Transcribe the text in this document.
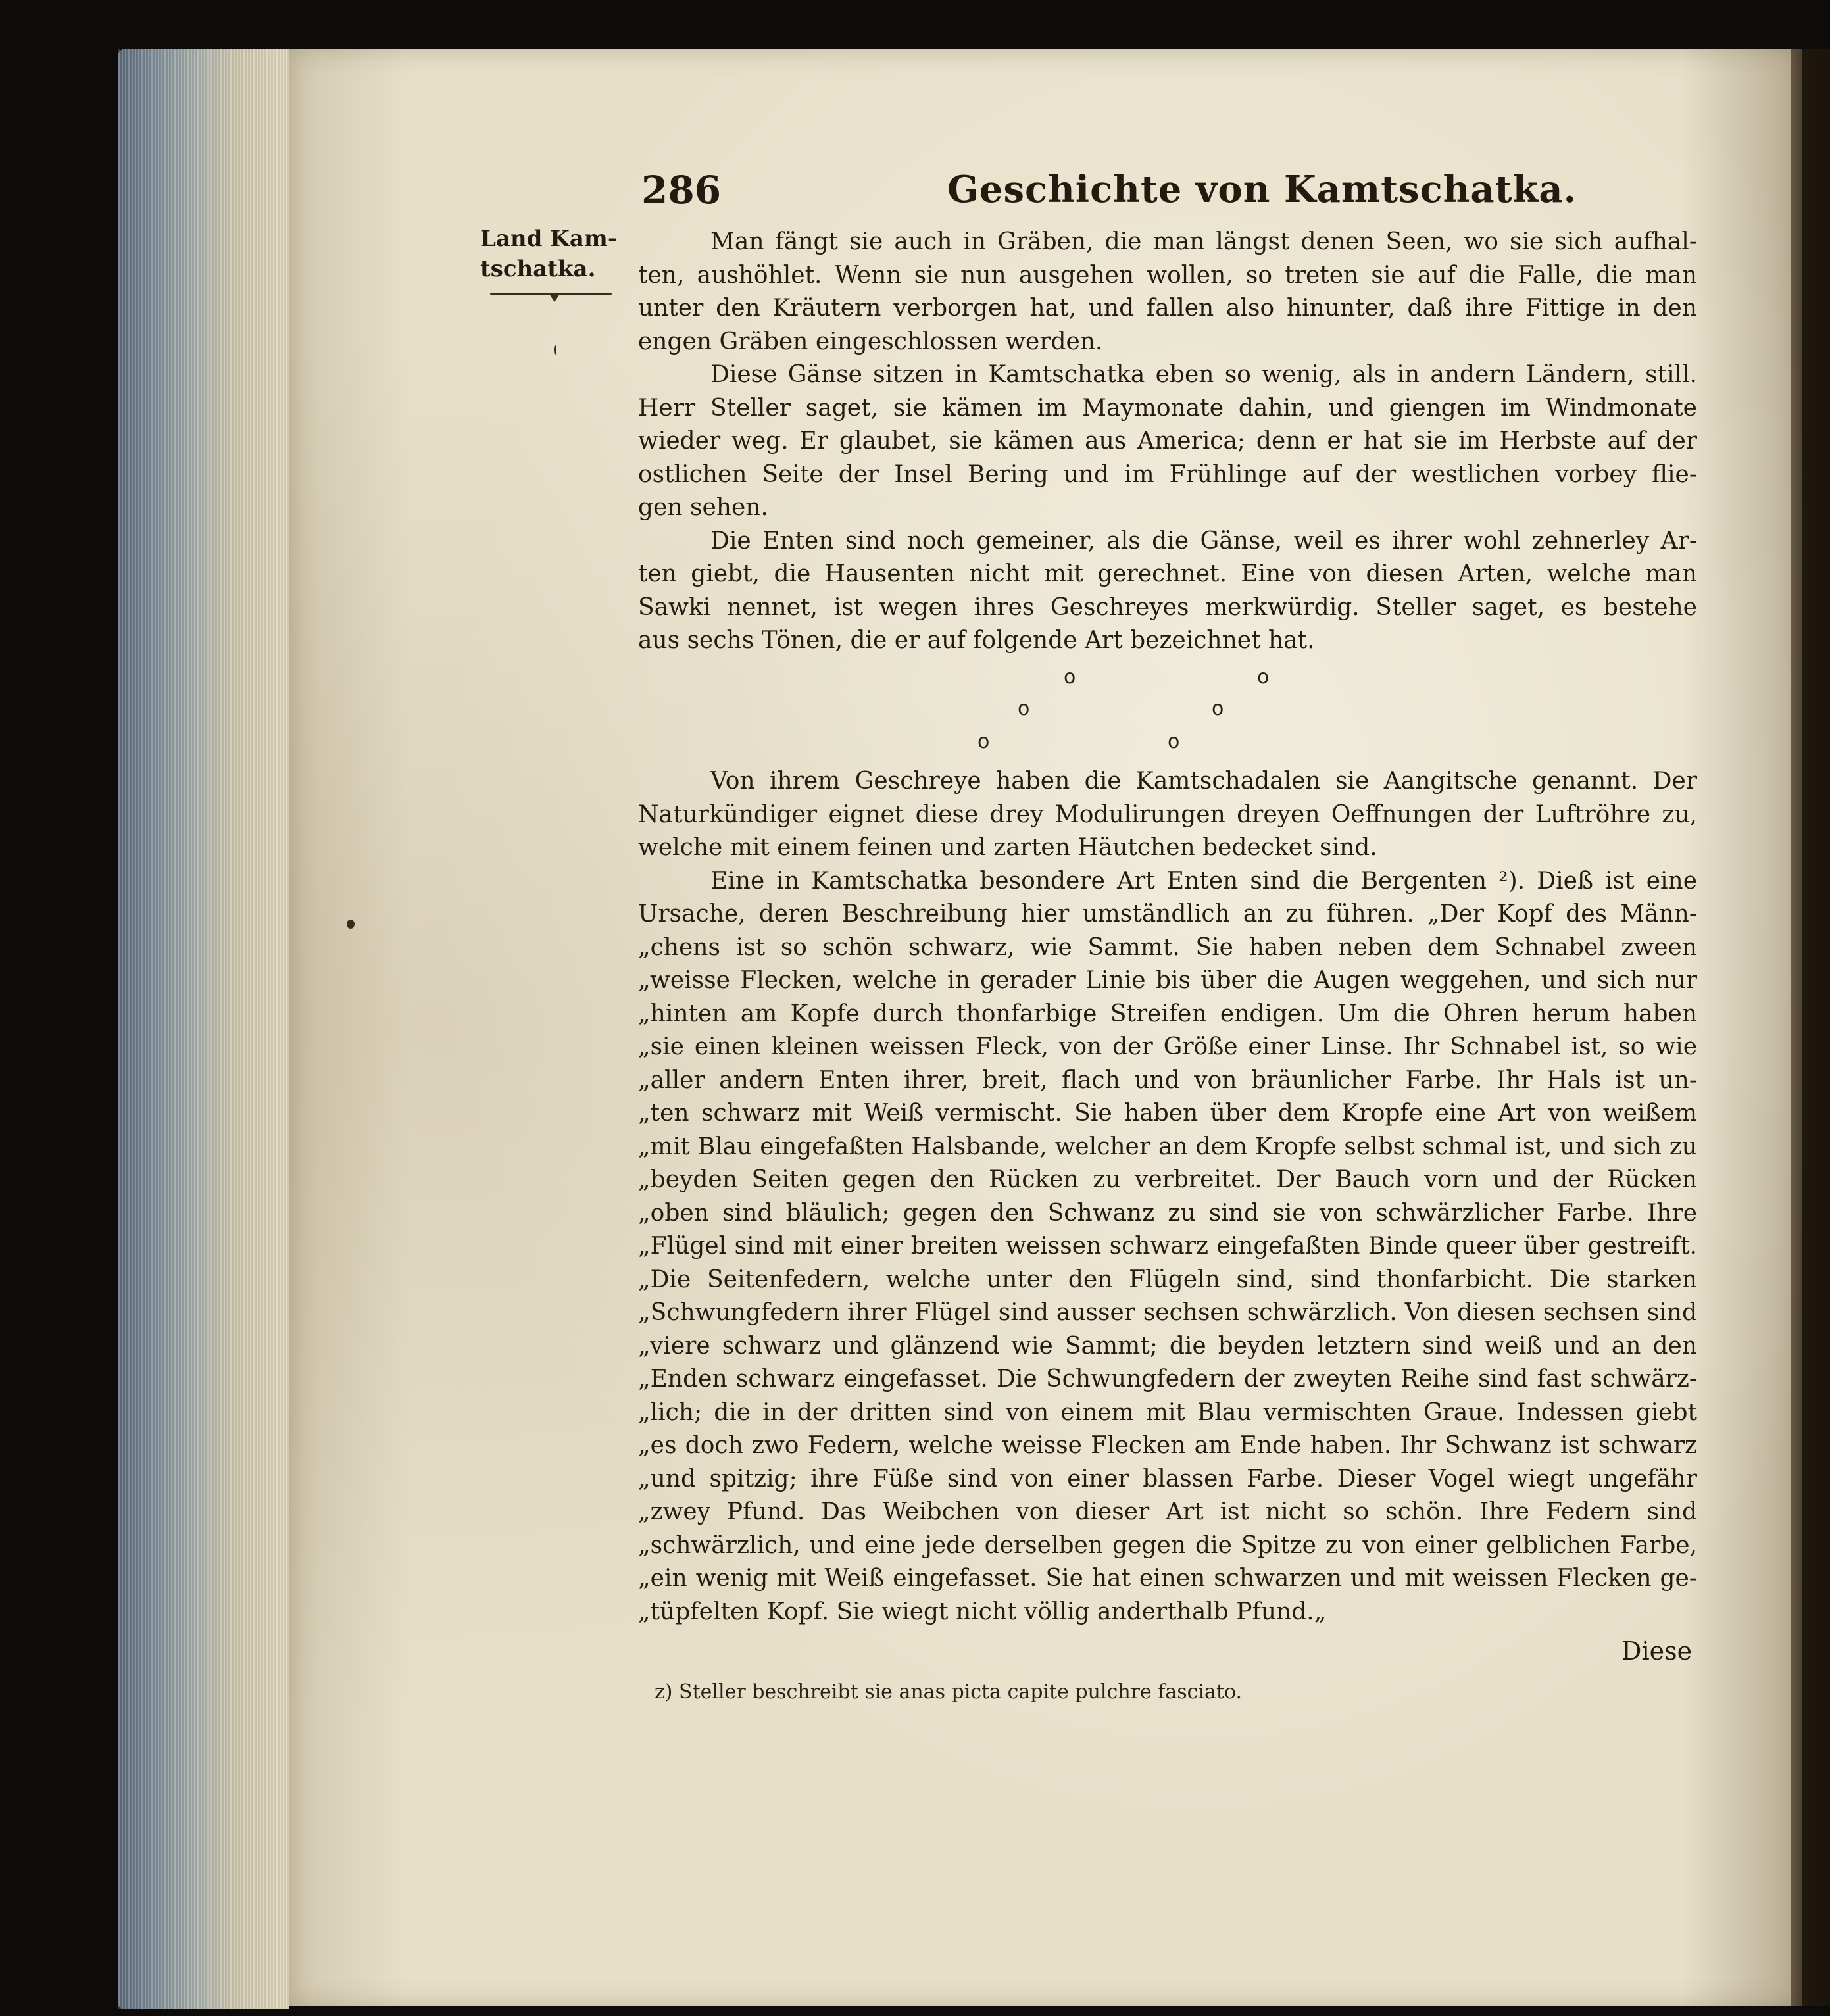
286	Geschichte von Kamtschatka.
Land Kam-
tschatka.
Man fängt sie auch in Gräben, die man längst denen Seen, wo sie sich aufhal-
ten, aushöhlet. Wenn sie nun ausgehen wollen, so treten sie auf die Falle, die man
unter den Kräutern verborgen hat, und fallen also hinunter, daß ihre Fittige in den
engen Gräben eingeschlossen werden.
Diese Gänse sitzen in Kamtschatka eben so wenig, als in andern Ländern, still.
Herr Steller saget, sie kämen im Maymonate dahin, und giengen im Windmonate
wieder weg. Er glaubet, sie kämen aus America; denn er hat sie im Herbste auf der
ostlichen Seite der Insel Bering und im Frühlinge auf der westlichen vorbey flie-
gen sehen.
Die Enten sind noch gemeiner, als die Gänse, weil es ihrer wohl zehnerley Ar-
ten giebt, die Hausenten nicht mit gerechnet. Eine von diesen Arten, welche man
Sawki nennet, ist wegen ihres Geschreyes merkwürdig. Steller saget, es bestehe
aus sechs Tönen, die er auf folgende Art bezeichnet hat.
o	o
o	o
o	o
Von ihrem Geschreye haben die Kamtschadalen sie Aangitsche genannt. Der
Naturkündiger eignet diese drey Modulirungen dreyen Oeffnungen der Luftröhre zu,
welche mit einem feinen und zarten Häutchen bedecket sind.
Eine in Kamtschatka besondere Art Enten sind die Bergenten ²). Dieß ist eine
Ursache, deren Beschreibung hier umständlich an zu führen. „Der Kopf des Männ-
„chens ist so schön schwarz, wie Sammt. Sie haben neben dem Schnabel zween
„weisse Flecken, welche in gerader Linie bis über die Augen weggehen, und sich nur
„hinten am Kopfe durch thonfarbige Streifen endigen. Um die Ohren herum haben
„sie einen kleinen weissen Fleck, von der Größe einer Linse. Ihr Schnabel ist, so wie
„aller andern Enten ihrer, breit, flach und von bräunlicher Farbe. Ihr Hals ist un-
„ten schwarz mit Weiß vermischt. Sie haben über dem Kropfe eine Art von weißem
„mit Blau eingefaßten Halsbande, welcher an dem Kropfe selbst schmal ist, und sich zu
„beyden Seiten gegen den Rücken zu verbreitet. Der Bauch vorn und der Rücken
„oben sind bläulich; gegen den Schwanz zu sind sie von schwärzlicher Farbe. Ihre
„Flügel sind mit einer breiten weissen schwarz eingefaßten Binde queer über gestreift.
„Die Seitenfedern, welche unter den Flügeln sind, sind thonfarbicht. Die starken
„Schwungfedern ihrer Flügel sind ausser sechsen schwärzlich. Von diesen sechsen sind
„viere schwarz und glänzend wie Sammt; die beyden letztern sind weiß und an den
„Enden schwarz eingefasset. Die Schwungfedern der zweyten Reihe sind fast schwärz-
„lich; die in der dritten sind von einem mit Blau vermischten Graue. Indessen giebt
„es doch zwo Federn, welche weisse Flecken am Ende haben. Ihr Schwanz ist schwarz
„und spitzig; ihre Füße sind von einer blassen Farbe. Dieser Vogel wiegt ungefähr
„zwey Pfund. Das Weibchen von dieser Art ist nicht so schön. Ihre Federn sind
„schwärzlich, und eine jede derselben gegen die Spitze zu von einer gelblichen Farbe,
„ein wenig mit Weiß eingefasset. Sie hat einen schwarzen und mit weissen Flecken ge-
„tüpfelten Kopf. Sie wiegt nicht völlig anderthalb Pfund.„
Diese
z) Steller beschreibt sie anas picta capite pulchre fasciato.
